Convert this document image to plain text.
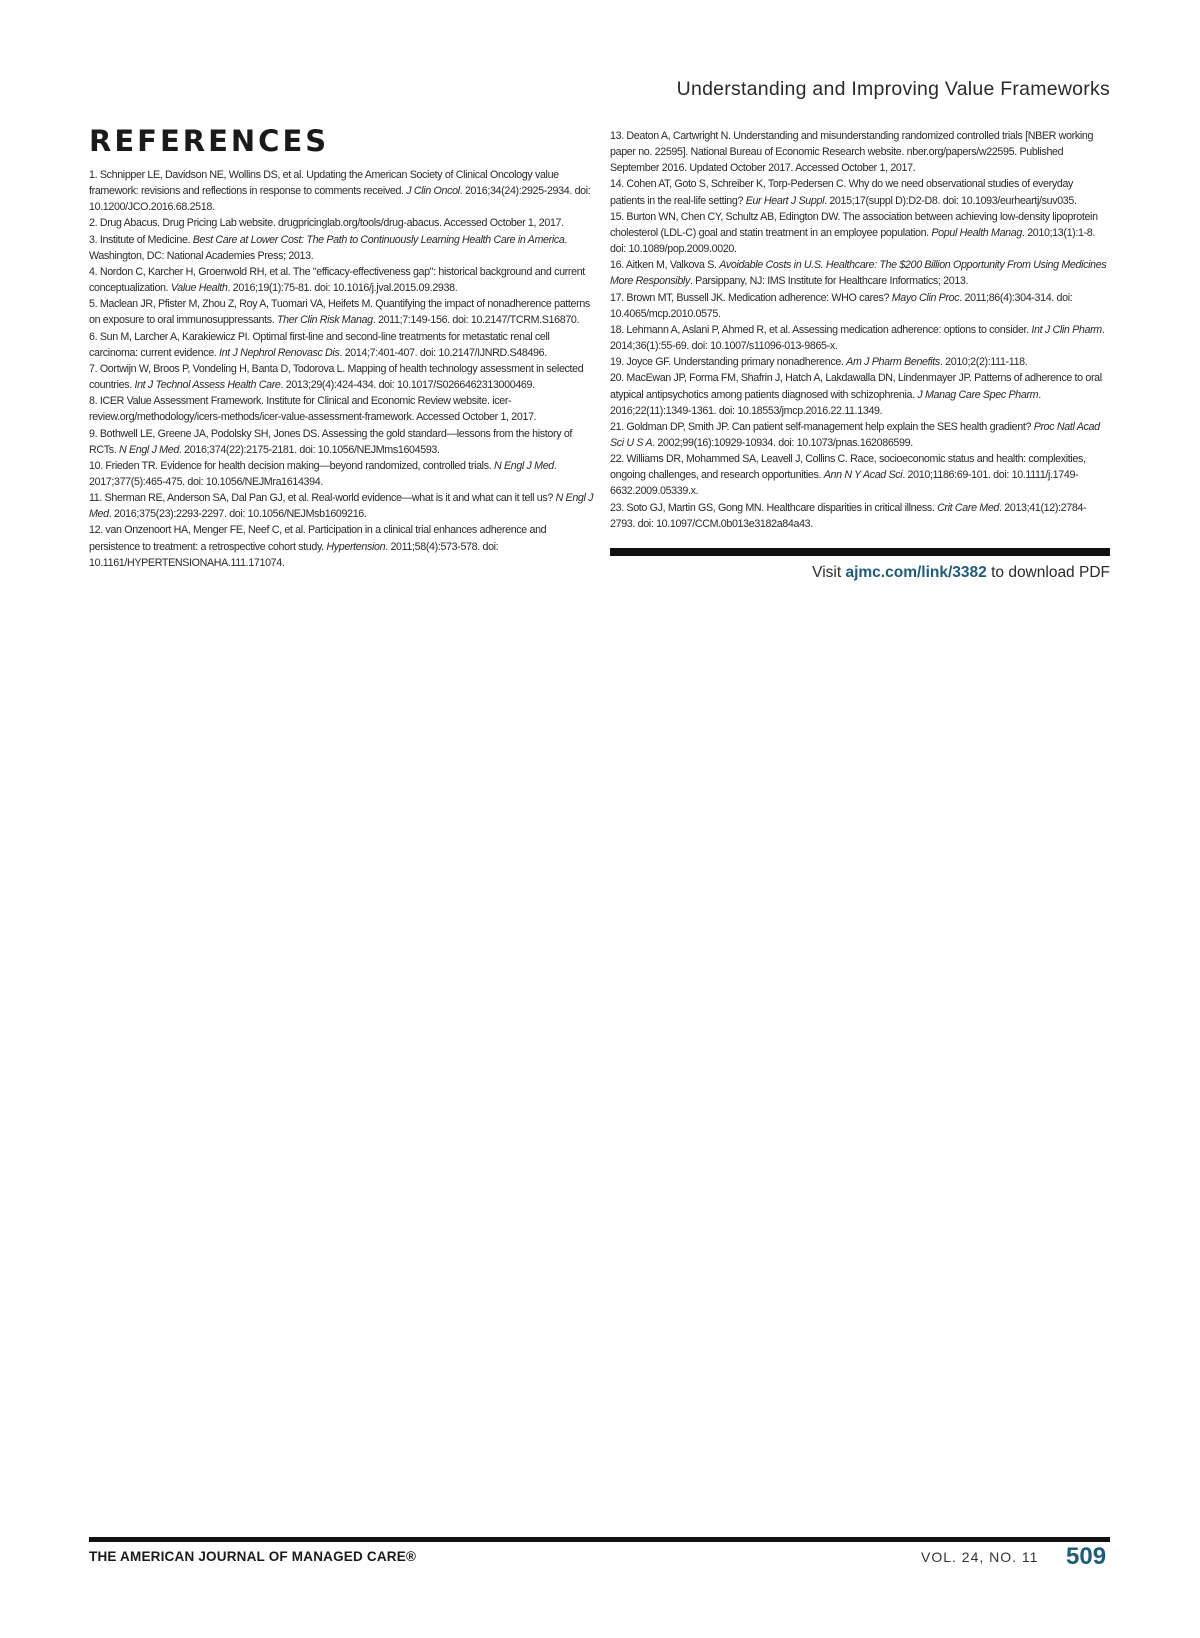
Understanding and Improving Value Frameworks
REFERENCES

1. Schnipper LE, Davidson NE, Wollins DS, et al. Updating the American Society of Clinical Oncology value framework: revisions and reflections in response to comments received. J Clin Oncol. 2016;34(24):2925-2934. doi: 10.1200/JCO.2016.68.2518.

2. Drug Abacus. Drug Pricing Lab website. drugpricinglab.org/tools/drug-abacus. Accessed October 1, 2017.

3. Institute of Medicine. Best Care at Lower Cost: The Path to Continuously Learning Health Care in America. Washington, DC: National Academies Press; 2013.

4. Nordon C, Karcher H, Groenwold RH, et al. The "efficacy-effectiveness gap": historical background and current conceptualization. Value Health. 2016;19(1):75-81. doi: 10.1016/j.jval.2015.09.2938.

5. Maclean JR, Pfister M, Zhou Z, Roy A, Tuomari VA, Heifets M. Quantifying the impact of nonadherence patterns on exposure to oral immunosuppressants. Ther Clin Risk Manag. 2011;7:149-156. doi: 10.2147/TCRM.S16870.

6. Sun M, Larcher A, Karakiewicz PI. Optimal first-line and second-line treatments for metastatic renal cell carcinoma: current evidence. Int J Nephrol Renovasc Dis. 2014;7:401-407. doi: 10.2147/IJNRD.S48496.

7. Oortwijn W, Broos P, Vondeling H, Banta D, Todorova L. Mapping of health technology assessment in selected countries. Int J Technol Assess Health Care. 2013;29(4):424-434. doi: 10.1017/S0266462313000469.

8. ICER Value Assessment Framework. Institute for Clinical and Economic Review website. icer-review.org/methodology/icers-methods/icer-value-assessment-framework. Accessed October 1, 2017.

9. Bothwell LE, Greene JA, Podolsky SH, Jones DS. Assessing the gold standard—lessons from the history of RCTs. N Engl J Med. 2016;374(22):2175-2181. doi: 10.1056/NEJMms1604593.

10. Frieden TR. Evidence for health decision making—beyond randomized, controlled trials. N Engl J Med. 2017;377(5):465-475. doi: 10.1056/NEJMra1614394.

11. Sherman RE, Anderson SA, Dal Pan GJ, et al. Real-world evidence—what is it and what can it tell us? N Engl J Med. 2016;375(23):2293-2297. doi: 10.1056/NEJMsb1609216.

12. van Onzenoort HA, Menger FE, Neef C, et al. Participation in a clinical trial enhances adherence and persistence to treatment: a retrospective cohort study. Hypertension. 2011;58(4):573-578. doi: 10.1161/HYPERTENSIONAHA.111.171074.

13. Deaton A, Cartwright N. Understanding and misunderstanding randomized controlled trials [NBER working paper no. 22595]. National Bureau of Economic Research website. nber.org/papers/w22595. Published September 2016. Updated October 2017. Accessed October 1, 2017.

14. Cohen AT, Goto S, Schreiber K, Torp-Pedersen C. Why do we need observational studies of everyday patients in the real-life setting? Eur Heart J Suppl. 2015;17(suppl D):D2-D8. doi: 10.1093/eurheartj/suv035.

15. Burton WN, Chen CY, Schultz AB, Edington DW. The association between achieving low-density lipoprotein cholesterol (LDL-C) goal and statin treatment in an employee population. Popul Health Manag. 2010;13(1):1-8. doi: 10.1089/pop.2009.0020.

16. Aitken M, Valkova S. Avoidable Costs in U.S. Healthcare: The $200 Billion Opportunity From Using Medicines More Responsibly. Parsippany, NJ: IMS Institute for Healthcare Informatics; 2013.

17. Brown MT, Bussell JK. Medication adherence: WHO cares? Mayo Clin Proc. 2011;86(4):304-314. doi: 10.4065/mcp.2010.0575.

18. Lehmann A, Aslani P, Ahmed R, et al. Assessing medication adherence: options to consider. Int J Clin Pharm. 2014;36(1):55-69. doi: 10.1007/s11096-013-9865-x.

19. Joyce GF. Understanding primary nonadherence. Am J Pharm Benefits. 2010;2(2):111-118.

20. MacEwan JP, Forma FM, Shafrin J, Hatch A, Lakdawalla DN, Lindenmayer JP. Patterns of adherence to oral atypical antipsychotics among patients diagnosed with schizophrenia. J Manag Care Spec Pharm. 2016;22(11):1349-1361. doi: 10.18553/jmcp.2016.22.11.1349.

21. Goldman DP, Smith JP. Can patient self-management help explain the SES health gradient? Proc Natl Acad Sci U S A. 2002;99(16):10929-10934. doi: 10.1073/pnas.162086599.

22. Williams DR, Mohammed SA, Leavell J, Collins C. Race, socioeconomic status and health: complexities, ongoing challenges, and research opportunities. Ann N Y Acad Sci. 2010;1186:69-101. doi: 10.1111/j.1749-6632.2009.05339.x.

23. Soto GJ, Martin GS, Gong MN. Healthcare disparities in critical illness. Crit Care Med. 2013;41(12):2784-2793. doi: 10.1097/CCM.0b013e3182a84a43.

Visit ajmc.com/link/3382 to download PDF
THE AMERICAN JOURNAL OF MANAGED CARE®	VOL. 24, NO. 11 509
